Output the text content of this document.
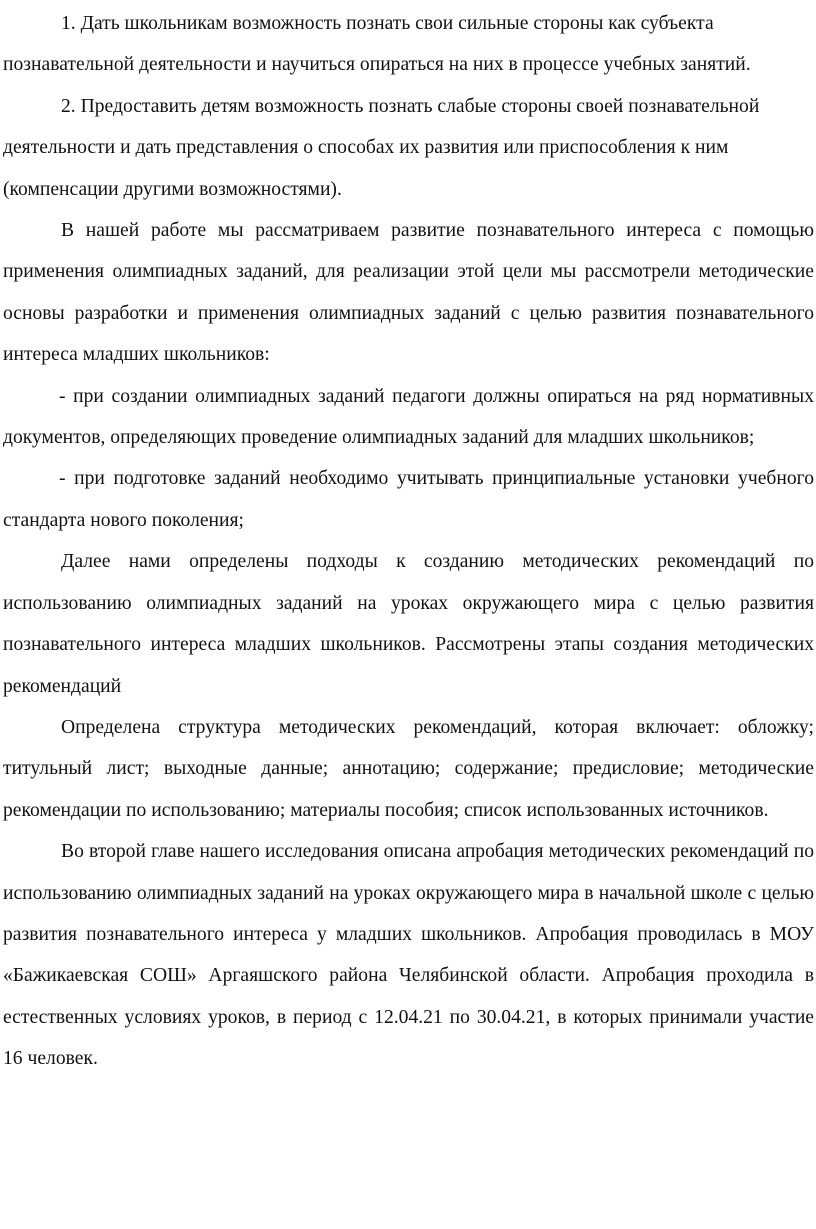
1. Дать школьникам возможность познать свои сильные стороны как субъекта познавательной деятельности и научиться опираться на них в процессе учебных занятий.

2. Предоставить детям возможность познать слабые стороны своей познавательной деятельности и дать представления о способах их развития или приспособления к ним (компенсации другими возможностями).

В нашей работе мы рассматриваем развитие познавательного интереса с помощью применения олимпиадных заданий, для реализации этой цели мы рассмотрели методические основы разработки и применения олимпиадных заданий с целью развития познавательного интереса младших школьников:

- при создании олимпиадных заданий педагоги должны опираться на ряд нормативных документов, определяющих проведение олимпиадных заданий для младших школьников;

- при подготовке заданий необходимо учитывать принципиальные установки учебного стандарта нового поколения;

Далее нами определены подходы к созданию методических рекомендаций по использованию олимпиадных заданий на уроках окружающего мира с целью развития познавательного интереса младших школьников. Рассмотрены этапы создания методических рекомендаций

Определена структура методических рекомендаций, которая включает: обложку; титульный лист; выходные данные; аннотацию; содержание; предисловие; методические рекомендации по использованию; материалы пособия; список использованных источников.

Во второй главе нашего исследования описана апробация методических рекомендаций по использованию олимпиадных заданий на уроках окружающего мира в начальной школе с целью развития познавательного интереса у младших школьников. Апробация проводилась в МОУ «Бажикаевская СОШ» Аргаяшского района Челябинской области. Апробация проходила в естественных условиях уроков, в период с 12.04.21 по 30.04.21, в которых принимали участие 16 человек.
